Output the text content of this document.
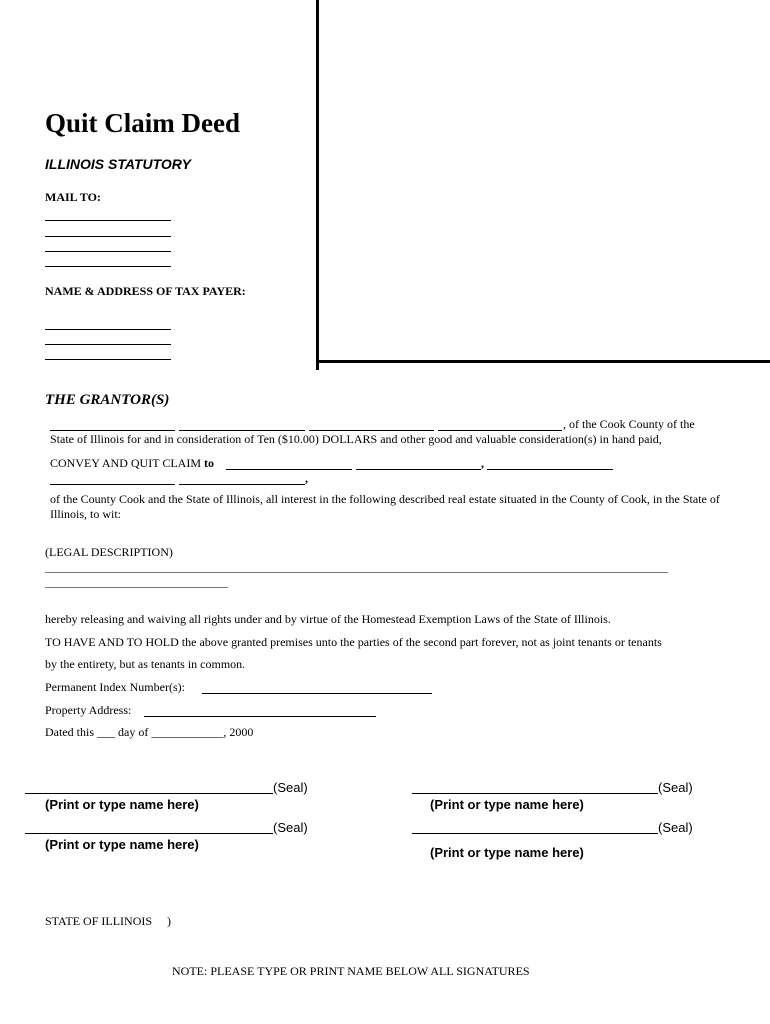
Quit Claim Deed
ILLINOIS STATUTORY
MAIL TO:
NAME & ADDRESS OF TAX PAYER:
THE GRANTOR(S)
, of the Cook County of the
State of Illinois for and in consideration of Ten ($10.00) DOLLARS and other good and valuable consideration(s) in hand paid,
CONVEY AND QUIT CLAIM to	,
,
of the County Cook and the State of Illinois, all interest in the following described real estate situated in the County of Cook, in the State of Illinois, to wit:
(LEGAL DESCRIPTION)
hereby releasing and waiving all rights under and by virtue of the Homestead Exemption Laws of the State of Illinois.
TO HAVE AND TO HOLD the above granted premises unto the parties of the second part forever, not as joint tenants or tenants
by the entirety, but as tenants in common.
Permanent Index Number(s):
Property Address:
Dated this ___ day of ____________, 2000
(Seal)
(Print or type name here)
(Seal)
(Print or type name here)
(Seal)
(Print or type name here)
(Seal)
(Print or type name here)
STATE OF ILLINOIS     )
NOTE: PLEASE TYPE OR PRINT NAME BELOW ALL SIGNATURES
